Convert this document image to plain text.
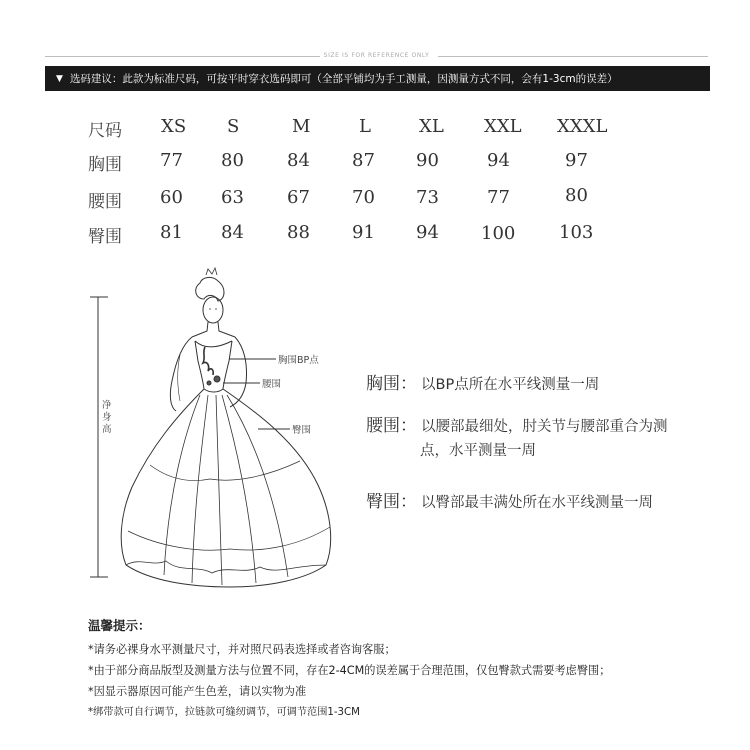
SIZE IS FOR REFERENCE ONLY
▼ 选码建议：此款为标准尺码，可按平时穿衣选码即可（全部平铺均为手工测量，因测量方式不同，会有1-3cm的误差）
尺码 XS S	M	L	XL XXL XXXL
胸围 77 80 84 87 90	94	97
腰围 60 63 67 70 73	77	80
臀围 81 84 88 91 94 100 103
净
身
高
胸围BP点
腰围
臀围
胸围： 以BP点所在水平线测量一周
腰围： 以腰部最细处，肘关节与腰部重合为测
点，水平测量一周
臀围： 以臀部最丰满处所在水平线测量一周
温馨提示：
*请务必裸身水平测量尺寸，并对照尺码表选择或者咨询客服；
*由于部分商品版型及测量方法与位置不同，存在2-4CM的误差属于合理范围，仅包臀款式需要考虑臀围；
*因显示器原因可能产生色差，请以实物为准
*绑带款可自行调节，拉链款可缝纫调节，可调节范围1-3CM
